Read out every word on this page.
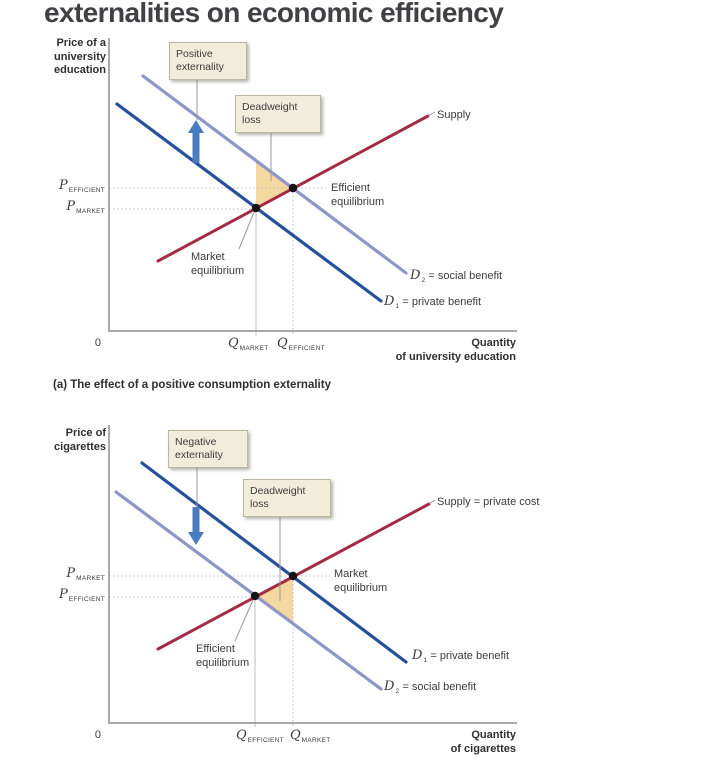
externalities on economic efficiency
Price of a
university
education
$P_{EFFICIENT}$
$P_{MARKET}$
0	$Q_{MARKET}$ $Q_{EFFICIENT}$	Quantity
of university education
Supply
$D_2$ = social benefit
$D_1$ = private benefit
Efficient
equilibrium
Market
equilibrium
Price of
cigarettes
$P_{MARKET}$
$P_{EFFICIENT}$
0	$Q_{EFFICIENT}$ $Q_{MARKET}$	Quantity
of cigarettes
Supply = private cost
Market
equilibrium
Efficient
equilibrium	$D_1$ = private benefit
$D_2$ = social benefit
Positive
externality
Deadweight
loss
Negative
externality
Deadweight
loss
(a) The effect of a positive consumption externality
